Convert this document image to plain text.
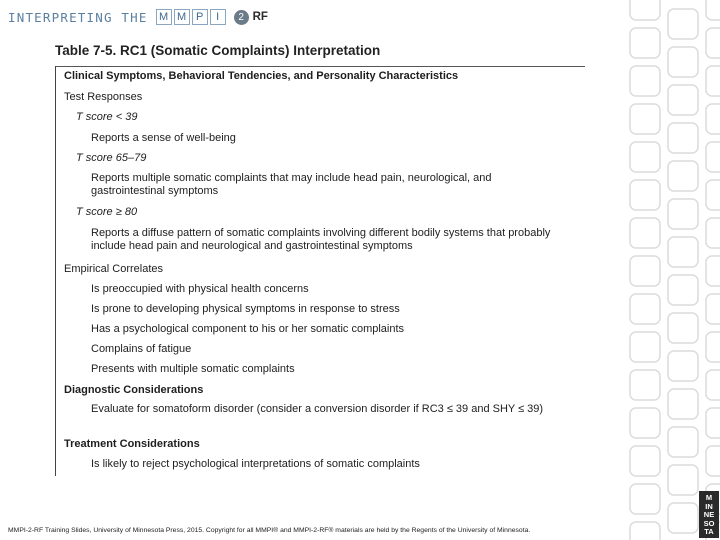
INTERPRETING THE	M M P	I	2 RF
Table 7-5. RC1 (Somatic Complaints) Interpretation
Clinical Symptoms, Behavioral Tendencies, and Personality Characteristics
Test Responses
T score < 39
Reports a sense of well-being
T score 65–79
Reports multiple somatic complaints that may include head pain, neurological, and gastrointestinal symptoms
T score ≥ 80
Reports a diffuse pattern of somatic complaints involving different bodily systems that probably include head pain and neurological and gastrointestinal symptoms
Empirical Correlates
Is preoccupied with physical health concerns
Is prone to developing physical symptoms in response to stress
Has a psychological component to his or her somatic complaints
Complains of fatigue
Presents with multiple somatic complaints
Diagnostic Considerations
Evaluate for somatoform disorder (consider a conversion disorder if RC3 ≤ 39 and SHY ≤ 39)
Treatment Considerations
Is likely to reject psychological interpretations of somatic complaints
MMPI-2-RF Training Slides, University of Minnesota Press, 2015. Copyright for all MMPI® and MMPI-2-RF® materials are held by the Regents of the University of Minnesota.
M
IN
NE
SO
TA
